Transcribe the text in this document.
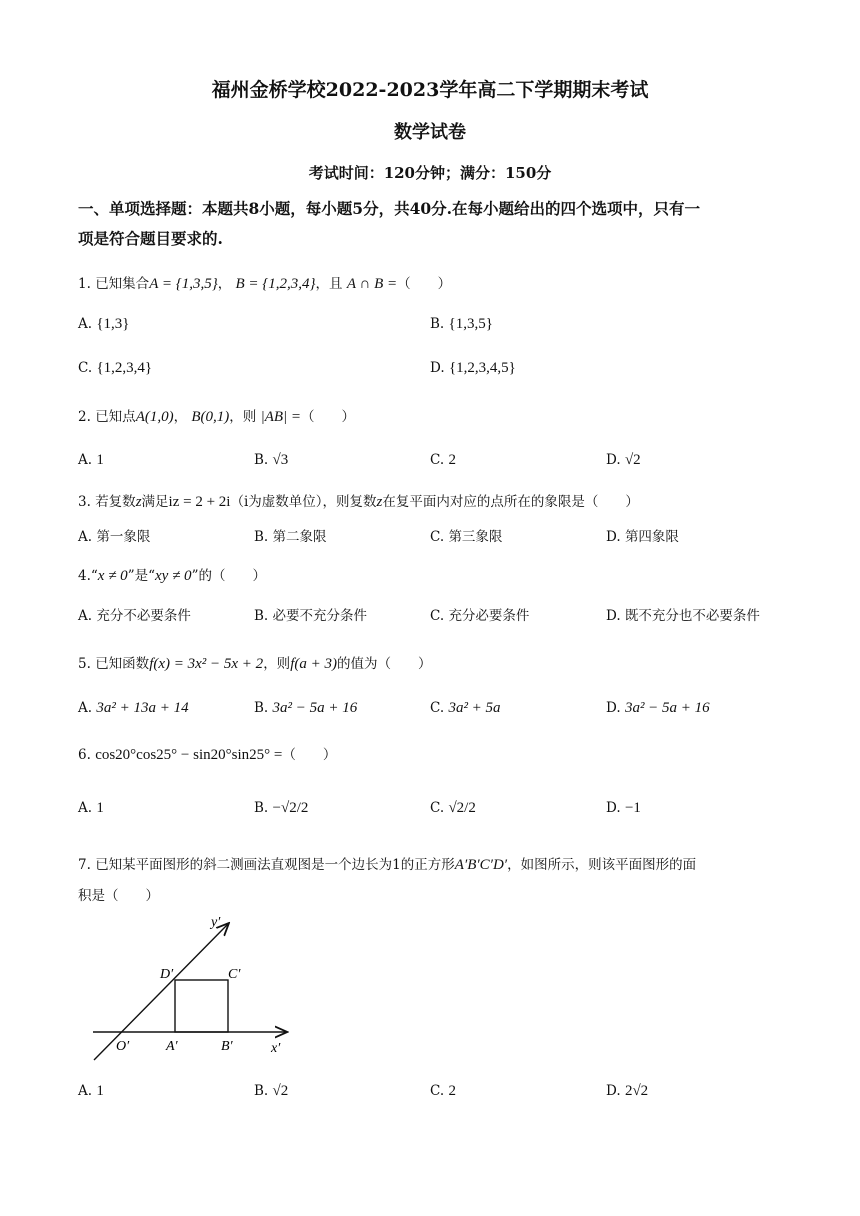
福州金桥学校2022-2023学年高二下学期期末考试
数学试卷
考试时间：120分钟；满分：150分
一、单项选择题：本题共8小题，每小题5分，共40分.在每小题给出的四个选项中，只有一
项是符合题目要求的.
1. 已知集合A = {1,3,5}， B = {1,2,3,4}，且 A ∩ B =（　　）
A. {1,3}	B. {1,3,5}
C. {1,2,3,4}	D. {1,2,3,4,5}
2. 已知点A(1,0)， B(0,1)，则 |AB| =（　　）
A. 1	B. √3	C. 2	D. √2
3. 若复数z满足iz = 2 + 2i（i为虚数单位），则复数z在复平面内对应的点所在的象限是（　　）
A. 第一象限	B. 第二象限	C. 第三象限	D. 第四象限
4.“x ≠ 0”是“xy ≠ 0”的（　　）
A. 充分不必要条件	B. 必要不充分条件	C. 充分必要条件	D. 既不充分也不必要条件
5. 已知函数f(x) = 3x² − 5x + 2，则f(a + 3)的值为（　　）
A. 3a² + 13a + 14	B. 3a² − 5a + 16	C. 3a² + 5a	D. 3a² − 5a + 16
6. cos20°cos25° − sin20°sin25° =（　　）
A. 1	B. −√2/2	C. √2/2	D. −1
7. 已知某平面图形的斜二测画法直观图是一个边长为1的正方形A′B′C′D′，如图所示，则该平面图形的面
积是（　　）
y′
x′
O′	A′	B′
C′
D′
A. 1	B. √2	C. 2	D. 2√2
